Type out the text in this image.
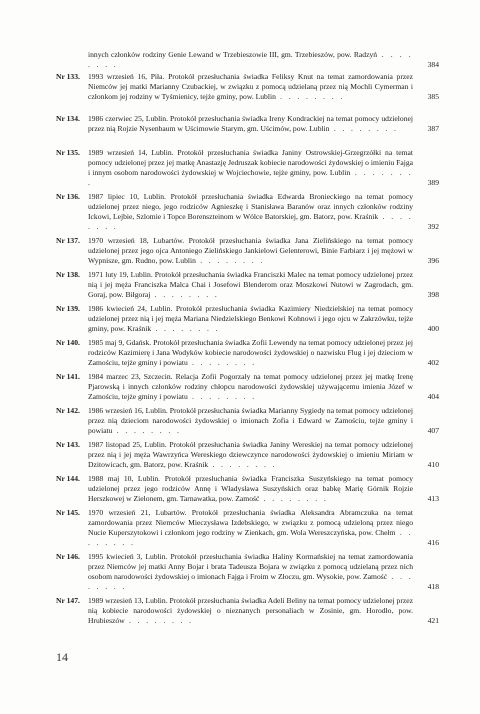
innych członków rodziny Genie Lewand w Trzebieszowie III, gm. Trzebieszów, pow. Radzyń . . . . . . . .	384
Nr 133.	1993 wrzesień 16, Piła. Protokół przesłuchania świadka Feliksy Knut na temat zamordowania przez Niemców jej matki Marianny Czubackiej, w związku z pomocą udzielaną przez nią Mochli Cymerman i członkom jej rodziny w Tyśmienicy, tejże gminy, pow. Lublin . . . . . . . .	385
Nr 134.	1986 czerwiec 25, Lublin. Protokół przesłuchania świadka Ireny Kondrackiej na temat pomocy udzielonej przez nią Rojzie Nysenbaum w Uścimowie Starym, gm. Uścimów, pow. Lublin . . . . . . . .	387
Nr 135.	1989 wrzesień 14, Lublin. Protokół przesłuchania świadka Janiny Ostrowskiej-Grzegrzółki na temat pomocy udzielonej przez jej matkę Anastazję Jedruszak kobiecie narodowości żydowskiej o imieniu Fajga i innym osobom narodowości żydowskiej w Wojciechowie, tejże gminy, pow. Lublin . . . . . . . .	389
Nr 136.	1987 lipiec 10, Lublin. Protokół przesłuchania świadka Edwarda Bronieckiego na temat pomocy udzielonej przez niego, jego rodziców Agnieszkę i Stanisława Baranów oraz innych członków rodziny Ickowi, Lejbie, Szlomie i Topce Borenszteinom w Wólce Batorskiej, gm. Batorz, pow. Kraśnik . . . . . . . .	392
Nr 137.	1970 wrzesień 18, Lubartów. Protokół przesłuchania świadka Jana Zielińskiego na temat pomocy udzielonej przez jego ojca Antoniego Zielińskiego Jankielowi Gelenterowi, Binie Farbiarz i jej mężowi w Wypnisze, gm. Rudno, pow. Lublin . . . . . . . .	396
Nr 138.	1971 luty 19, Lublin. Protokół przesłuchania świadka Franciszki Malec na temat pomocy udzielonej przez nią i jej męża Franciszka Malca Chai i Josefowi Blenderom oraz Moszkowi Nutowi w Zagrodach, gm. Goraj, pow. Biłgoraj . . . . . . . .	398
Nr 139.	1986 kwiecień 24, Lublin. Protokół przesłuchania świadka Kazimiery Niedzielskiej na temat pomocy udzielonej przez nią i jej męża Mariana Niedzielskiego Benkowi Kohnowi i jego ojcu w Zakrzówku, tejże gminy, pow. Kraśnik . . . . . . . .	400
Nr 140.	1985 maj 9, Gdańsk. Protokół przesłuchania świadka Zofii Lewendy na temat pomocy udzielonej przez jej rodziców Kazimierę i Jana Wodyków kobiecie narodowości żydowskiej o nazwisku Flug i jej dzieciom w Zamościu, tejże gminy i powiatu . . . . . . . .	402
Nr 141.	1984 marzec 23, Szczecin. Relacja Zofii Pogorzały na temat pomocy udzielonej przez jej matkę Irenę Pjarowską i innych członków rodziny chłopcu narodowości żydowskiej używającemu imienia Józef w Zamościu, tejże gminy i powiatu . . . . . . . .	404
Nr 142.	1986 wrzesień 16, Lublin. Protokół przesłuchania świadka Marianny Sygiedy na temat pomocy udzielonej przez nią dzieciom narodowości żydowskiej o imionach Zofia i Edward w Zamościu, tejże gminy i powiatu . . . . . . . .	407
Nr 143.	1987 listopad 25, Lublin. Protokół przesłuchania świadka Janiny Wereskiej na temat pomocy udzielonej przez nią i jej męża Wawrzyńca Wereskiego dziewczynce narodowości żydowskiej o imieniu Miriam w Dzitowicach, gm. Batorz, pow. Kraśnik . . . . . . . .	410
Nr 144.	1988 maj 10, Lublin. Protokół przesłuchania świadka Franciszka Suszyńskiego na temat pomocy udzielonej przez jego rodziców Annę i Władysława Suszyńskich oraz babkę Marię Górnik Rojzie Herszkowej w Zielonem, gm. Tarnawatka, pow. Zamość . . . . . . . .	413
Nr 145.	1970 wrzesień 21, Lubartów. Protokół przesłuchania świadka Aleksandra Abramczuka na temat zamordowania przez Niemców Mieczysława Izdebskiego, w związku z pomocą udzieloną przez niego Nucie Kuperszytokowi i członkom jego rodziny w Zienkach, gm. Wola Wereszczyńska, pow. Chełm . . . . . . . .	416
Nr 146.	1995 kwiecień 3, Lublin. Protokół przesłuchania świadka Haliny Kormańskiej na temat zamordowania przez Niemców jej matki Anny Bojar i brata Tadeusza Bojara w związku z pomocą udzielaną przez nich osobom narodowości żydowskiej o imionach Fajga i Froim w Złoczu, gm. Wysokie, pow. Zamość . . . . . . . .	418
Nr 147.	1989 wrzesień 13, Lublin. Protokół przesłuchania świadka Adeli Beliny na temat pomocy udzielonej przez nią kobiecie narodowości żydowskiej o nieznanych personaliach w Zosinie, gm. Horodło, pow. Hrubieszów . . . . . . . .	421
14
